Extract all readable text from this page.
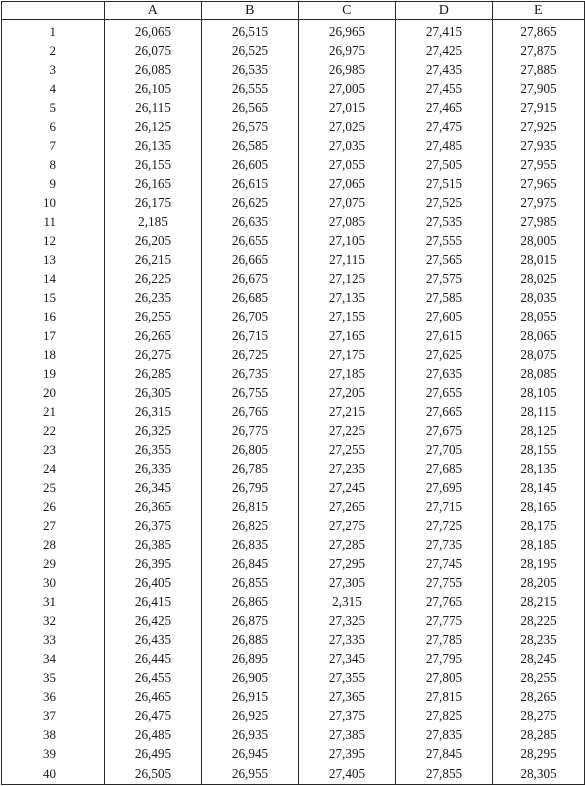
	A	B	C	D	E
1	26,065	26,515	26,965	27,415	27,865
2	26,075	26,525	26,975	27,425	27,875
3	26,085	26,535	26,985	27,435	27,885
4	26,105	26,555	27,005	27,455	27,905
5	26,115	26,565	27,015	27,465	27,915
6	26,125	26,575	27,025	27,475	27,925
7	26,135	26,585	27,035	27,485	27,935
8	26,155	26,605	27,055	27,505	27,955
9	26,165	26,615	27,065	27,515	27,965
10	26,175	26,625	27,075	27,525	27,975
11	2,185	26,635	27,085	27,535	27,985
12	26,205	26,655	27,105	27,555	28,005
13	26,215	26,665	27,115	27,565	28,015
14	26,225	26,675	27,125	27,575	28,025
15	26,235	26,685	27,135	27,585	28,035
16	26,255	26,705	27,155	27,605	28,055
17	26,265	26,715	27,165	27,615	28,065
18	26,275	26,725	27,175	27,625	28,075
19	26,285	26,735	27,185	27,635	28,085
20	26,305	26,755	27,205	27,655	28,105
21	26,315	26,765	27,215	27,665	28,115
22	26,325	26,775	27,225	27,675	28,125
23	26,355	26,805	27,255	27,705	28,155
24	26,335	26,785	27,235	27,685	28,135
25	26,345	26,795	27,245	27,695	28,145
26	26,365	26,815	27,265	27,715	28,165
27	26,375	26,825	27,275	27,725	28,175
28	26,385	26,835	27,285	27,735	28,185
29	26,395	26,845	27,295	27,745	28,195
30	26,405	26,855	27,305	27,755	28,205
31	26,415	26,865	2,315	27,765	28,215
32	26,425	26,875	27,325	27,775	28,225
33	26,435	26,885	27,335	27,785	28,235
34	26,445	26,895	27,345	27,795	28,245
35	26,455	26,905	27,355	27,805	28,255
36	26,465	26,915	27,365	27,815	28,265
37	26,475	26,925	27,375	27,825	28,275
38	26,485	26,935	27,385	27,835	28,285
39	26,495	26,945	27,395	27,845	28,295
40	26,505	26,955	27,405	27,855	28,305
